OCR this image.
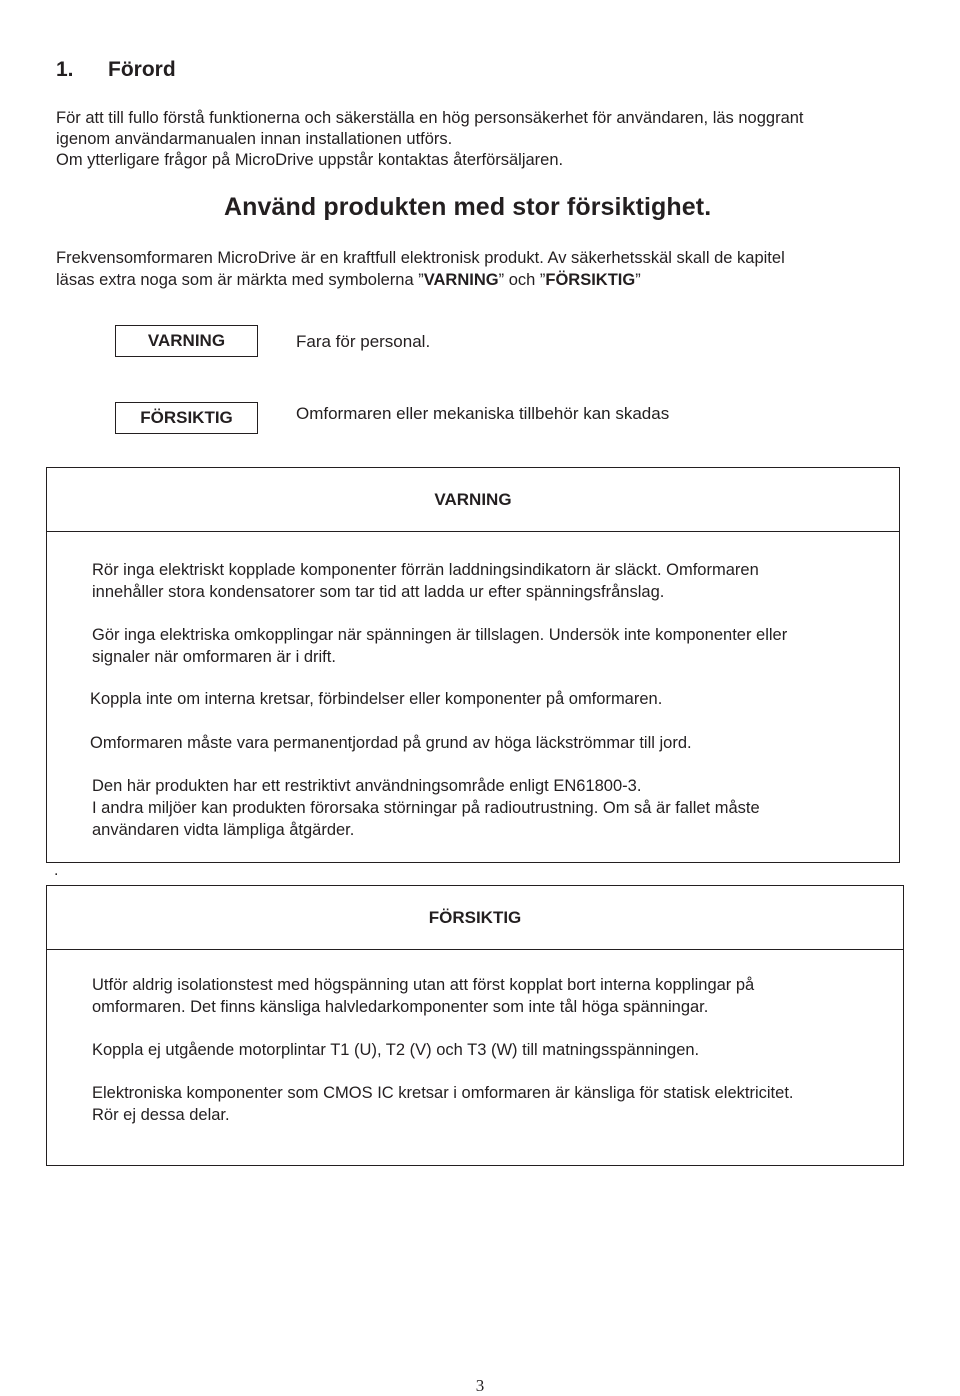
1. Förord
För att till fullo förstå funktionerna och säkerställa en hög personsäkerhet för användaren, läs noggrant
igenom användarmanualen innan installationen utförs.
Om ytterligare frågor på MicroDrive uppstår kontaktas återförsäljaren.
Använd produkten med stor försiktighet.
Frekvensomformaren MicroDrive är en kraftfull elektronisk produkt. Av säkerhetsskäl skall de kapitel
läsas extra noga som är märkta med symbolerna ”VARNING” och ”FÖRSIKTIG”
VARNING	Fara för personal.
FÖRSIKTIG	Omformaren eller mekaniska tillbehör kan skadas
VARNING
Rör inga elektriskt kopplade komponenter förrän laddningsindikatorn är släckt. Omformaren
innehåller stora kondensatorer som tar tid att ladda ur efter spänningsfrånslag.
Gör inga elektriska omkopplingar när spänningen är tillslagen. Undersök inte komponenter eller
signaler när omformaren är i drift.
Koppla inte om interna kretsar, förbindelser eller komponenter på omformaren.
Omformaren måste vara permanentjordad på grund av höga läckströmmar till jord.
Den här produkten har ett restriktivt användningsområde enligt EN61800-3.
I andra miljöer kan produkten förorsaka störningar på radioutrustning. Om så är fallet måste
användaren vidta lämpliga åtgärder.
.
FÖRSIKTIG
Utför aldrig isolationstest med högspänning utan att först kopplat bort interna kopplingar på
omformaren. Det finns känsliga halvledarkomponenter som inte tål höga spänningar.
Koppla ej utgående motorplintar T1 (U), T2 (V) och T3 (W) till matningsspänningen.
Elektroniska komponenter som CMOS IC kretsar i omformaren är känsliga för statisk elektricitet.
Rör ej dessa delar.
3
